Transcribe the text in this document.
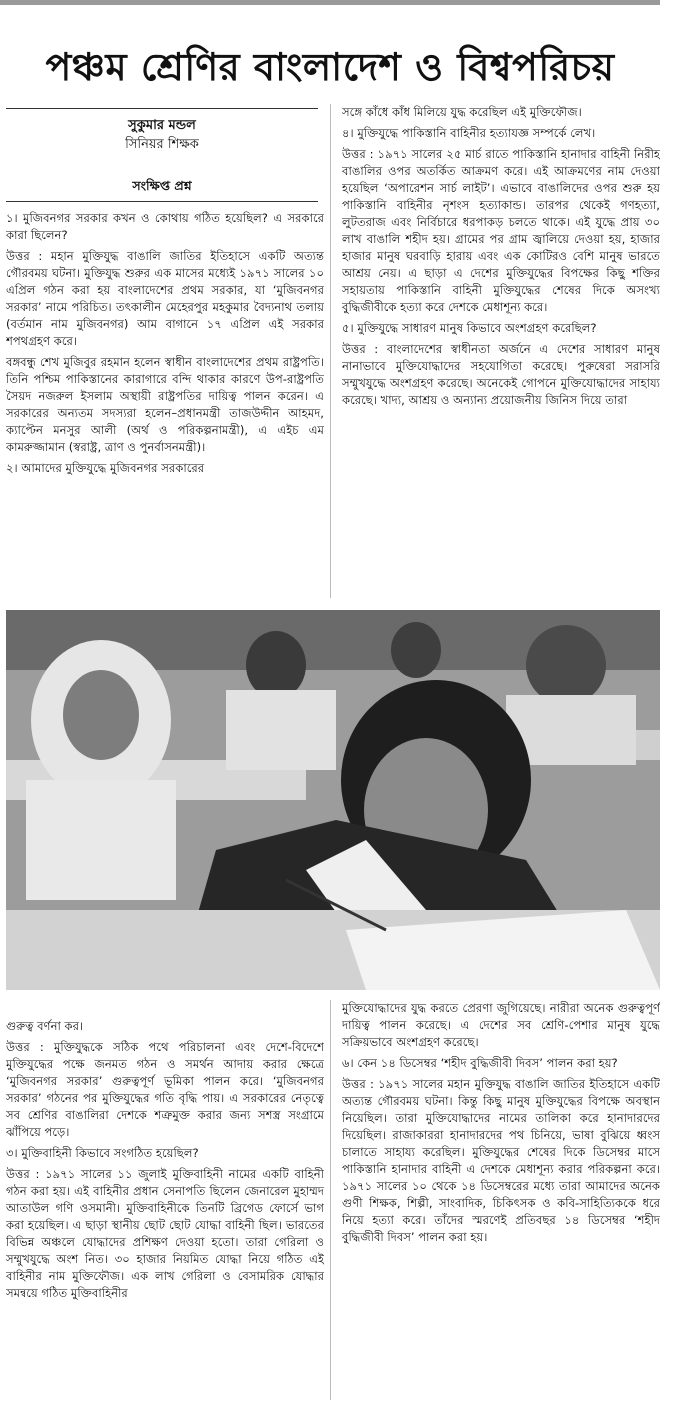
পঞ্চম শ্রেণির বাংলাদেশ ও বিশ্বপরিচয়
সুকুমার মন্ডল
সিনিয়র শিক্ষক
সংক্ষিপ্ত প্রশ্ন

১। মুজিবনগর সরকার কখন ও কোথায় গঠিত হয়েছিল? এ সরকারে কারা ছিলেন?

উত্তর : মহান মুক্তিযুদ্ধ বাঙালি জাতির ইতিহাসে একটি অত্যন্ত গৌরবময় ঘটনা। মুক্তিযুদ্ধ শুরুর এক মাসের মধ্যেই ১৯৭১ সালের ১০ এপ্রিল গঠন করা হয় বাংলাদেশের প্রথম সরকার, যা ‘মুজিবনগর সরকার’ নামে পরিচিত। তৎকালীন মেহেরপুর মহকুমার বৈদ্যনাথ তলায় (বর্তমান নাম মুজিবনগর) আম বাগানে ১৭ এপ্রিল এই সরকার শপথগ্রহণ করে।

বঙ্গবন্ধু শেখ মুজিবুর রহমান হলেন স্বাধীন বাংলাদেশের প্রথম রাষ্ট্রপতি। তিনি পশ্চিম পাকিস্তানের কারাগারে বন্দি থাকার কারণে উপ-রাষ্ট্রপতি সৈয়দ নজরুল ইসলাম অস্থায়ী রাষ্ট্রপতির দায়িত্ব পালন করেন। এ সরকারের অন্যতম সদস্যরা হলেন–প্রধানমন্ত্রী তাজউদ্দীন আহমদ, ক্যাপ্টেন মনসুর আলী (অর্থ ও পরিকল্পনামন্ত্রী), এ এইচ এম কামরুজ্জামান (স্বরাষ্ট্র, ত্রাণ ও পুনর্বাসনমন্ত্রী)।

২। আমাদের মুক্তিযুদ্ধে মুজিবনগর সরকারের

সঙ্গে কাঁধে কাঁধ মিলিয়ে যুদ্ধ করেছিল এই মুক্তিফৌজ।

৪। মুক্তিযুদ্ধে পাকিস্তানি বাহিনীর হত্যাযজ্ঞ সম্পর্কে লেখ।

উত্তর : ১৯৭১ সালের ২৫ মার্চ রাতে পাকিস্তানি হানাদার বাহিনী নিরীহ বাঙালির ওপর অতর্কিত আক্রমণ করে। এই আক্রমণের নাম দেওয়া হয়েছিল ‘অপারেশন সার্চ লাইট’। এভাবে বাঙালিদের ওপর শুরু হয় পাকিস্তানি বাহিনীর নৃশংস হত্যাকান্ড। তারপর থেকেই গণহত্যা, লুটতরাজ এবং নির্বিচারে ধরপাকড় চলতে থাকে। এই যুদ্ধে প্রায় ৩০ লাখ বাঙালি শহীদ হয়। গ্রামের পর গ্রাম জ্বালিয়ে দেওয়া হয়, হাজার হাজার মানুষ ঘরবাড়ি হারায় এবং এক কোটিরও বেশি মানুষ ভারতে আশ্রয় নেয়। এ ছাড়া এ দেশের মুক্তিযুদ্ধের বিপক্ষের কিছু শক্তির সহায়তায় পাকিস্তানি বাহিনী মুক্তিযুদ্ধের শেষের দিকে অসংখ্য বুদ্ধিজীবীকে হত্যা করে দেশকে মেধাশূন্য করে।

৫। মুক্তিযুদ্ধে সাধারণ মানুষ কিভাবে অংশগ্রহণ করেছিল?

উত্তর : বাংলাদেশের স্বাধীনতা অর্জনে এ দেশের সাধারণ মানুষ নানাভাবে মুক্তিযোদ্ধাদের সহযোগিতা করেছে। পুরুষেরা সরাসরি সম্মুখযুদ্ধে অংশগ্রহণ করেছে। অনেকেই গোপনে মুক্তিযোদ্ধাদের সাহায্য করেছে। খাদ্য, আশ্রয় ও অন্যান্য প্রয়োজনীয় জিনিস দিয়ে তারা

গুরুত্ব বর্ণনা কর।

উত্তর : মুক্তিযুদ্ধকে সঠিক পথে পরিচালনা এবং দেশে-বিদেশে মুক্তিযুদ্ধের পক্ষে জনমত গঠন ও সমর্থন আদায় করার ক্ষেত্রে ‘মুজিবনগর সরকার’ গুরুত্বপূর্ণ ভূমিকা পালন করে। ‘মুজিবনগর সরকার’ গঠনের পর মুক্তিযুদ্ধের গতি বৃদ্ধি পায়। এ সরকারের নেতৃত্বে সব শ্রেণির বাঙালিরা দেশকে শত্রুমুক্ত করার জন্য সশস্ত্র সংগ্রামে ঝাঁপিয়ে পড়ে।

৩। মুক্তিবাহিনী কিভাবে সংগঠিত হয়েছিল?

উত্তর : ১৯৭১ সালের ১১ জুলাই মুক্তিবাহিনী নামের একটি বাহিনী গঠন করা হয়। এই বাহিনীর প্রধান সেনাপতি ছিলেন জেনারেল মুহাম্মদ আতাউল গণি ওসমানী। মুক্তিবাহিনীকে তিনটি ব্রিগেড ফোর্সে ভাগ করা হয়েছিল। এ ছাড়া স্থানীয় ছোট ছোট যোদ্ধা বাহিনী ছিল। ভারতের বিভিন্ন অঞ্চলে যোদ্ধাদের প্রশিক্ষণ দেওয়া হতো। তারা গেরিলা ও সম্মুখযুদ্ধে অংশ নিত। ৩০ হাজার নিয়মিত যোদ্ধা নিয়ে গঠিত এই বাহিনীর নাম মুক্তিফৌজ। এক লাখ গেরিলা ও বেসামরিক যোদ্ধার সমন্বয়ে গঠিত মুক্তিবাহিনীর

মুক্তিযোদ্ধাদের যুদ্ধ করতে প্রেরণা জুগিয়েছে। নারীরা অনেক গুরুত্বপূর্ণ দায়িত্ব পালন করেছে। এ দেশের সব শ্রেণি-পেশার মানুষ যুদ্ধে সক্রিয়ভাবে অংশগ্রহণ করেছে।

৬। কেন ১৪ ডিসেম্বর ‘শহীদ বুদ্ধিজীবী দিবস’ পালন করা হয়?

উত্তর : ১৯৭১ সালের মহান মুক্তিযুদ্ধ বাঙালি জাতির ইতিহাসে একটি অত্যন্ত গৌরবময় ঘটনা। কিন্তু কিছু মানুষ মুক্তিযুদ্ধের বিপক্ষে অবস্থান নিয়েছিল। তারা মুক্তিযোদ্ধাদের নামের তালিকা করে হানাদারদের দিয়েছিল। রাজাকাররা হানাদারদের পথ চিনিয়ে, ভাষা বুঝিয়ে ধ্বংস চালাতে সাহায্য করেছিল। মুক্তিযুদ্ধের শেষের দিকে ডিসেম্বর মাসে পাকিস্তানি হানাদার বাহিনী এ দেশকে মেধাশূন্য করার পরিকল্পনা করে। ১৯৭১ সালের ১০ থেকে ১৪ ডিসেম্বরের মধ্যে তারা আমাদের অনেক গুণী শিক্ষক, শিল্পী, সাংবাদিক, চিকিৎসক ও কবি-সাহিত্যিককে ধরে নিয়ে হত্যা করে। তাঁদের স্মরণেই প্রতিবছর ১৪ ডিসেম্বর ‘শহীদ বুদ্ধিজীবী দিবস’ পালন করা হয়।
